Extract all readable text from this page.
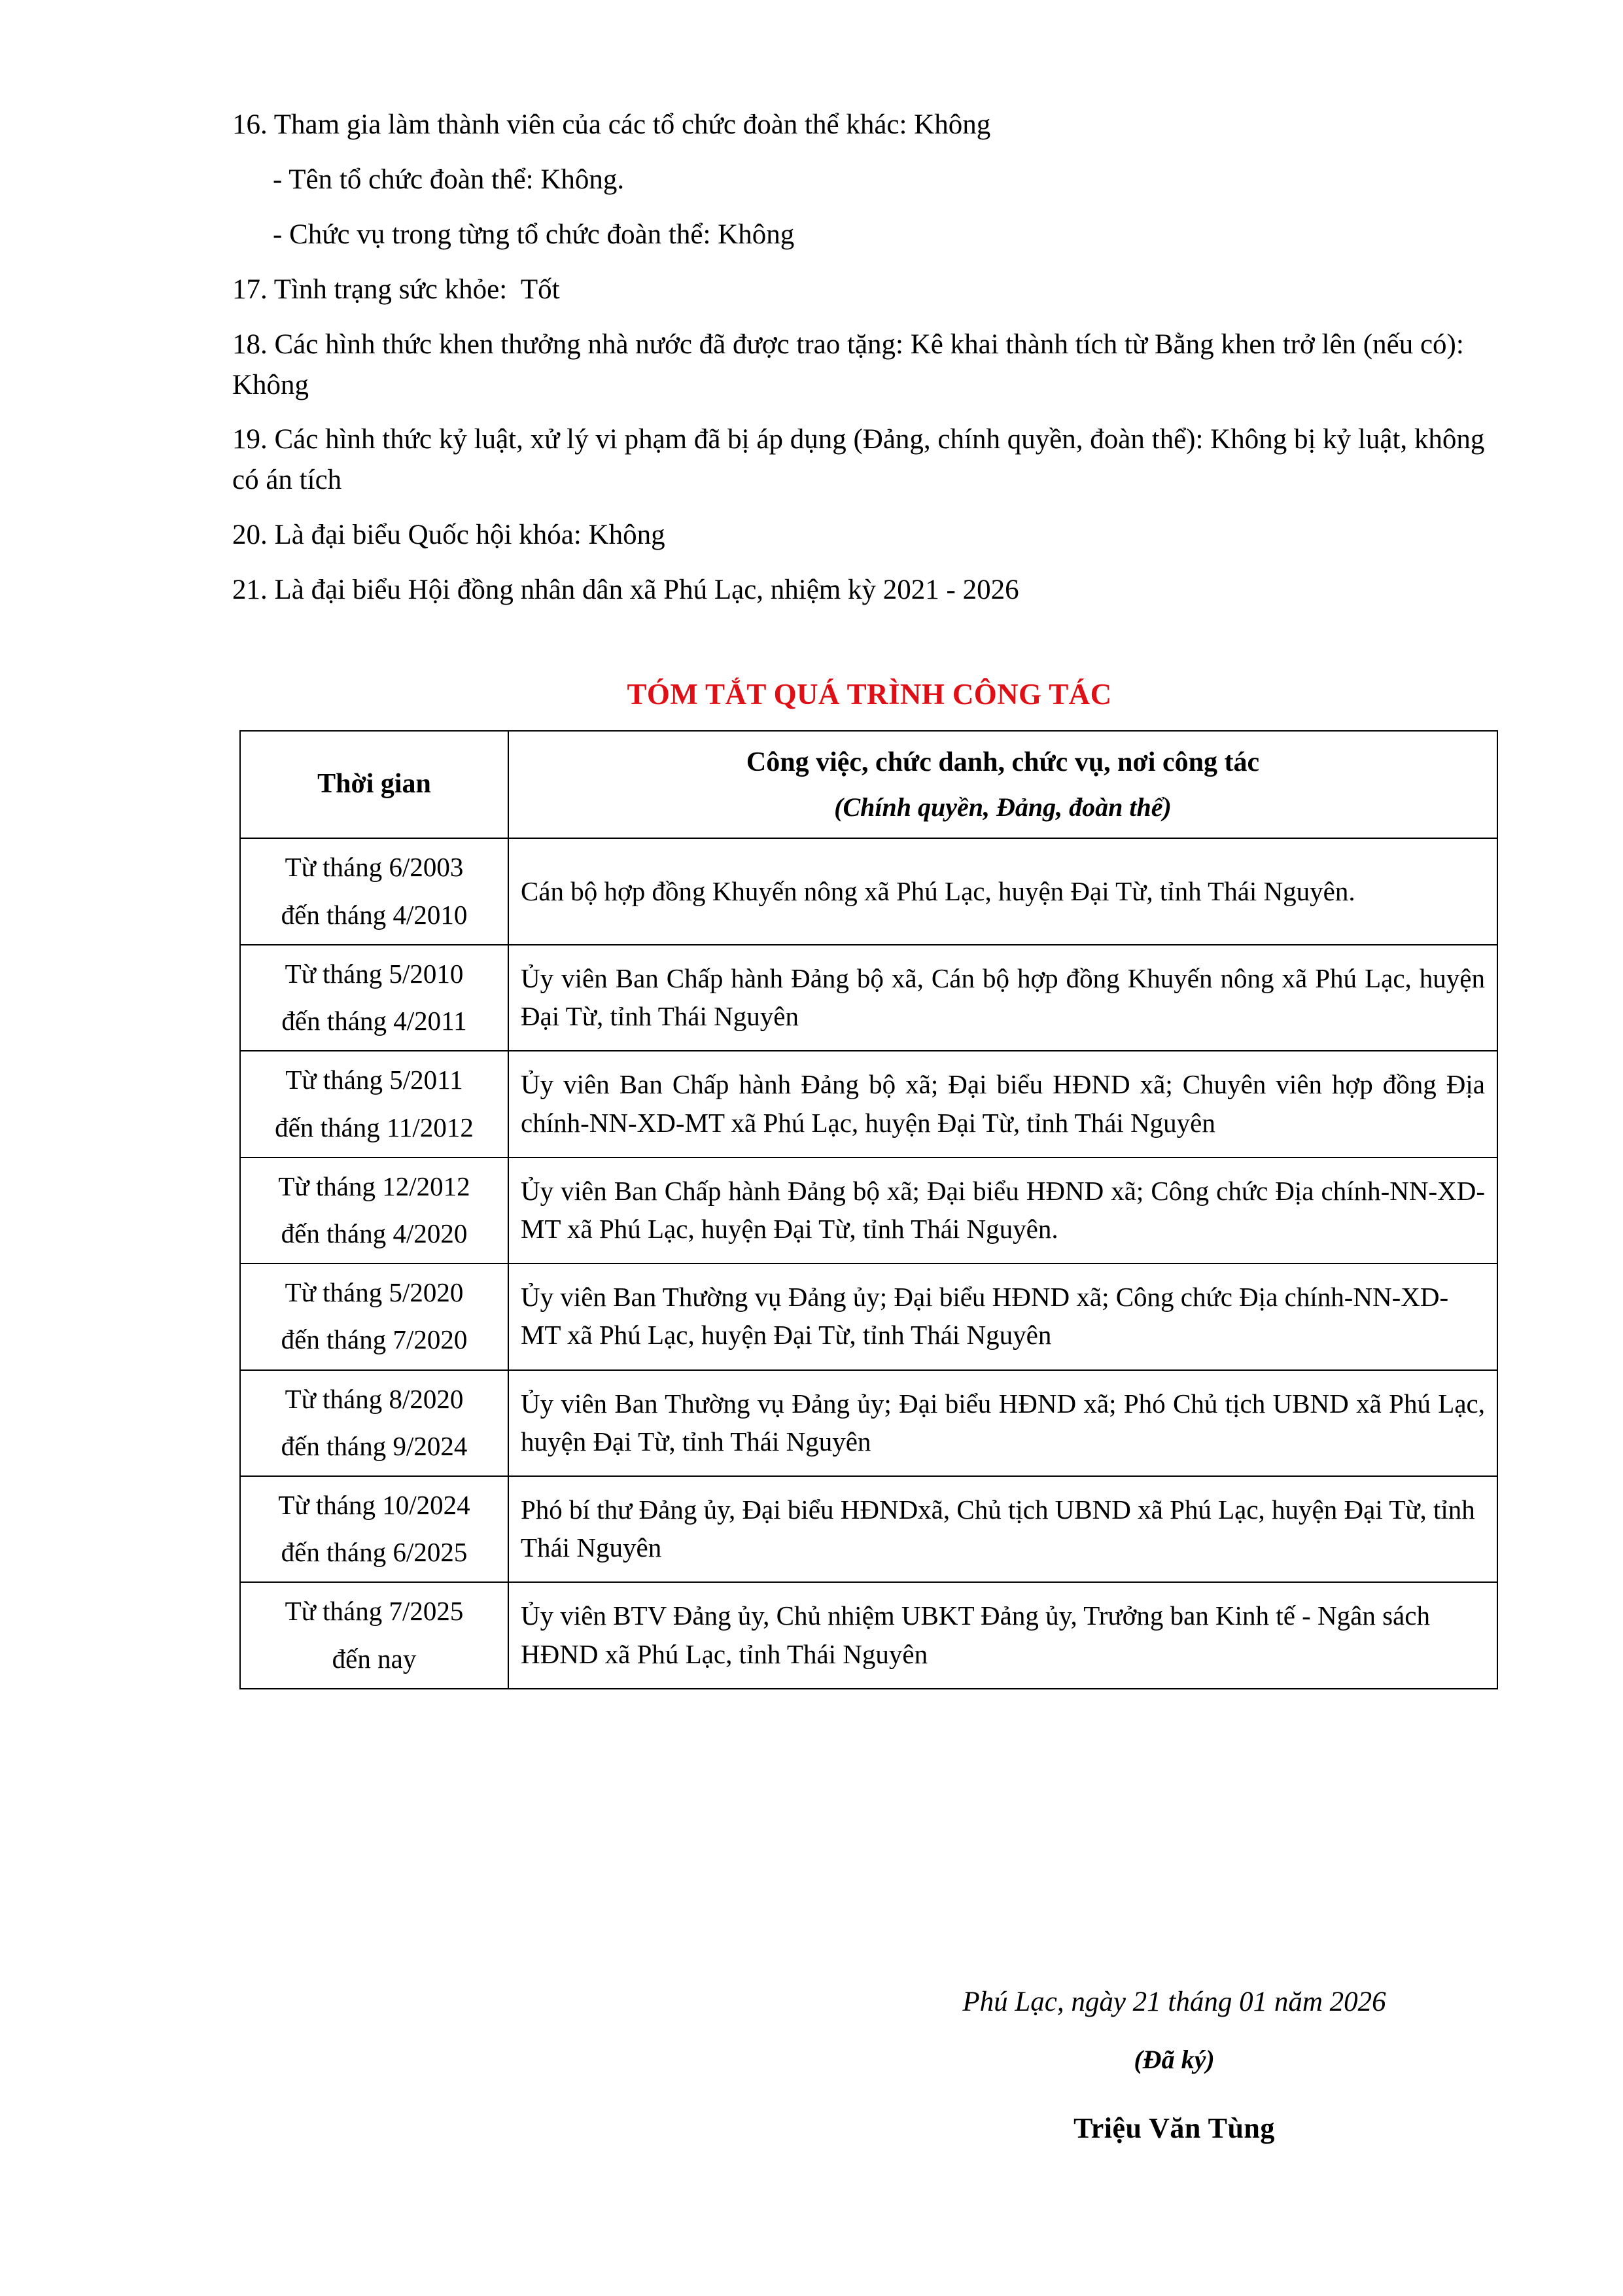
16. Tham gia làm thành viên của các tổ chức đoàn thể khác: Không

- Tên tổ chức đoàn thể: Không.

- Chức vụ trong từng tổ chức đoàn thể: Không

17. Tình trạng sức khỏe:  Tốt

18. Các hình thức khen thưởng nhà nước đã được trao tặng: Kê khai thành tích từ Bằng khen trở lên (nếu có): Không

19. Các hình thức kỷ luật, xử lý vi phạm đã bị áp dụng (Đảng, chính quyền, đoàn thể): Không bị kỷ luật, không có án tích

20. Là đại biểu Quốc hội khóa: Không

21. Là đại biểu Hội đồng nhân dân xã Phú Lạc, nhiệm kỳ 2021 - 2026

TÓM TẮT QUÁ TRÌNH CÔNG TÁC
Thời gian	Công việc, chức danh, chức vụ, nơi công tác
(Chính quyền, Đảng, đoàn thể)

Từ tháng 6/2003
đến tháng 4/2010	Cán bộ hợp đồng Khuyến nông xã Phú Lạc, huyện Đại Từ, tỉnh Thái Nguyên.

Từ tháng 5/2010
đến tháng 4/2011	Ủy viên Ban Chấp hành Đảng bộ xã, Cán bộ hợp đồng Khuyến nông xã Phú Lạc, huyện Đại Từ, tỉnh Thái Nguyên

Từ tháng 5/2011
đến tháng 11/2012	Ủy viên Ban Chấp hành Đảng bộ xã; Đại biểu HĐND xã; Chuyên viên hợp đồng Địa chính-NN-XD-MT xã Phú Lạc, huyện Đại Từ, tỉnh Thái Nguyên

Từ tháng 12/2012
đến tháng 4/2020	Ủy viên Ban Chấp hành Đảng bộ xã; Đại biểu HĐND xã; Công chức Địa chính-NN-XD-MT xã Phú Lạc, huyện Đại Từ, tỉnh Thái Nguyên.

Từ tháng 5/2020
đến tháng 7/2020	Ủy viên Ban Thường vụ Đảng ủy; Đại biểu HĐND xã; Công chức Địa chính-NN-XD-MT xã Phú Lạc, huyện Đại Từ, tỉnh Thái Nguyên

Từ tháng 8/2020
đến tháng 9/2024	Ủy viên Ban Thường vụ Đảng ủy; Đại biểu HĐND xã; Phó Chủ tịch UBND xã Phú Lạc, huyện Đại Từ, tỉnh Thái Nguyên

Từ tháng 10/2024
đến tháng 6/2025	Phó bí thư Đảng ủy, Đại biểu HĐNDxã, Chủ tịch UBND xã Phú Lạc, huyện Đại Từ, tỉnh Thái Nguyên

Từ tháng 7/2025
đến nay	Ủy viên BTV Đảng ủy, Chủ nhiệm UBKT Đảng ủy, Trưởng ban Kinh tế - Ngân sách HĐND xã Phú Lạc, tỉnh Thái Nguyên
Phú Lạc, ngày 21 tháng 01 năm 2026
(Đã ký)
Triệu Văn Tùng
